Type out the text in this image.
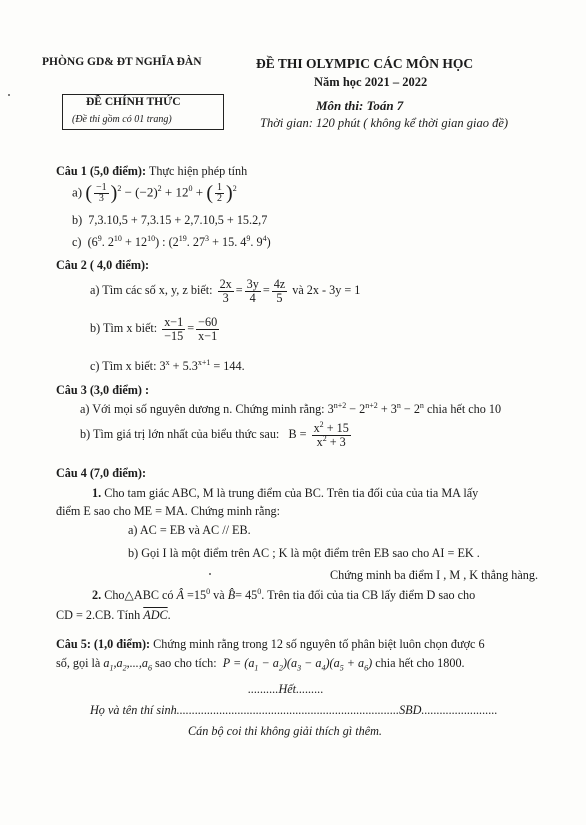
PHÒNG GD& ĐT NGHĨA ĐÀN	ĐỀ THI OLYMPIC CÁC MÔN HỌC
Năm học 2021 – 2022
ĐỀ CHÍNH THỨC
(Đề thi gồm có 01 trang)
Môn thi: Toán 7
Thời gian: 120 phút ( không kể thời gian giao đề)
Câu 1 (5,0 điểm): Thực hiện phép tính
a) ( $\frac{-1}{3} )^2 - (-2)^2 + 12^0$ + ( $\frac{1}{2} )^2$
b) 7,3.10,5 + 7,3.15 + 2,7.10,5 + 15.2,7
c)  ($6^9$. $2^{10} + 12^{10}$) : ($2^{19}$. $27^3 + 15$. $4^9$. $9^4$)
Câu 2 ( 4,0 điểm):
a) Tìm các số x, y, z biết: $\frac{2x}{3} = \frac{3y}{4} = \frac{4z}{5}$ và 2x - 3y = 1
b) Tìm x biết: $\frac{x-1}{-15} = \frac{-60}{x-1}$
c) Tìm x biết: $3^x + 5.3^{x+1} = 144$.
Câu 3 (3,0 điểm) :
a) Với mọi số nguyên dương n. Chứng minh rằng: $3^{n+2} - 2^{n+2} + 3^n - 2^n$ chia hết cho 10
b) Tìm giá trị lớn nhất của biểu thức sau:   $B = \frac{x^2 + 15}{x^2 + 3}$
Câu 4 (7,0 điểm):
1. Cho tam giác ABC, M là trung điểm của BC. Trên tia đối của của tia MA lấy
điểm E sao cho ME = MA. Chứng minh rằng:
a) AC = EB và AC // EB.
b) Gọi I là một điểm trên AC ; K là một điểm trên EB sao cho AI = EK .
Chứng minh ba điểm I , M , K thẳng hàng.
2. Cho△ABC có Â $=15^0$ và B̂= $45^0$. Trên tia đối của tia CB lấy điểm D sao cho
CD = 2.CB. Tính $\overline{ADC}$.
Câu 5: (1,0 điểm): Chứng minh rằng trong 12 số nguyên tố phân biệt luôn chọn được 6
số, gọi là $a_1,a_2,...,a_6$ sao cho tích:  $P = (a_1 - a_2)(a_3 - a_4)(a_5 + a_6)$ chia hết cho 1800.
..........Hết.........
Họ và tên thí sinh.........................................................................SBD.........................
Cán bộ coi thi không giải thích gì thêm.
